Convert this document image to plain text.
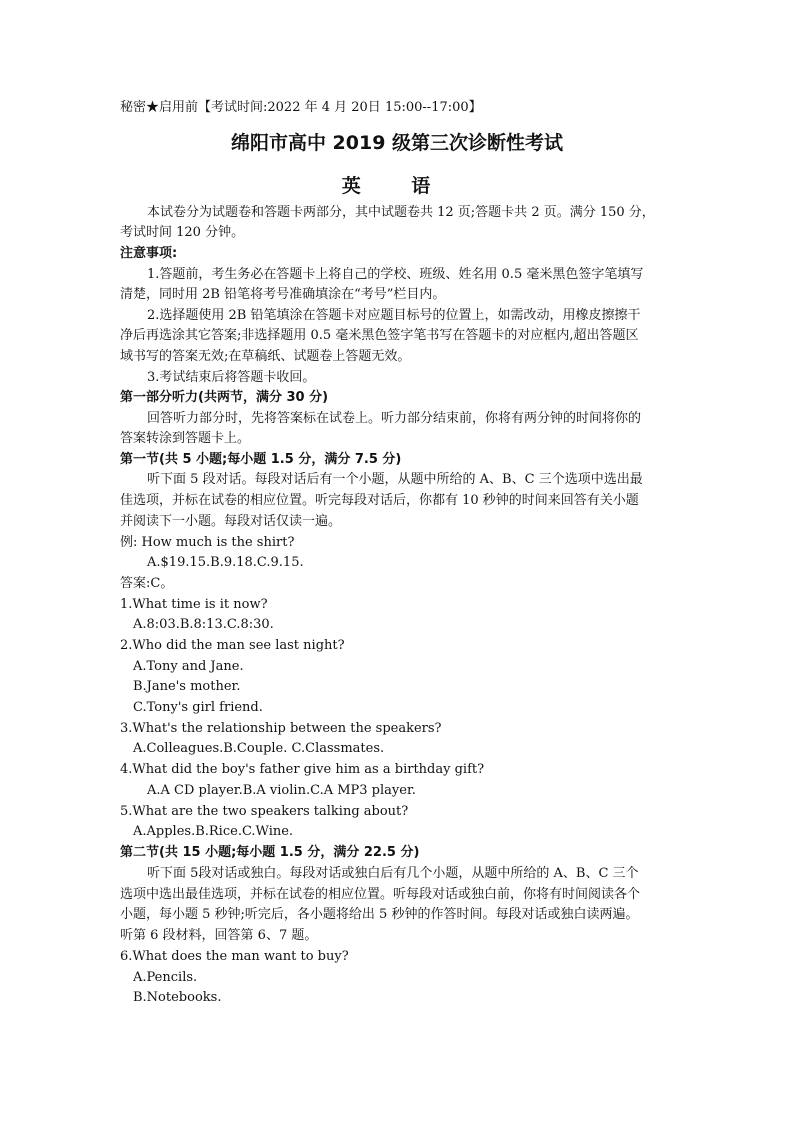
秘密★启用前【考试时间:2022 年 4 月 20日 15:00--17:00】
绵阳市高中 2019 级第三次诊断性考试
英 语
本试卷分为试题卷和答题卡两部分，其中试题卷共 12 页;答题卡共 2 页。满分 150 分，
考试时间 120 分钟。
注意事项:
1.答题前，考生务必在答题卡上将自己的学校、班级、姓名用 0.5 毫米黑色签字笔填写
清楚，同时用 2B 铅笔将考号准确填涂在“考号”栏目内。
2.选择题使用 2B 铅笔填涂在答题卡对应题目标号的位置上，如需改动，用橡皮擦擦干
净后再选涂其它答案;非选择题用 0.5 毫米黑色签字笔书写在答题卡的对应框内,超出答题区
域书写的答案无效;在草稿纸、试题卷上答题无效。
3.考试结束后将答题卡收回。
第一部分听力(共两节，满分 30 分)
回答听力部分时，先将答案标在试卷上。听力部分结束前，你将有两分钟的时间将你的
答案转涂到答题卡上。
第一节(共 5 小题;每小题 1.5 分，满分 7.5 分)
听下面 5 段对话。每段对话后有一个小题，从题中所给的 A、B、C 三个选项中选出最
佳选项，并标在试卷的相应位置。听完每段对话后，你都有 10 秒钟的时间来回答有关小题
并阅读下一小题。每段对话仅读一遍。
例: How much is the shirt?
A.$19.15.B.9.18.C.9.15.
答案:C。
1.What time is it now?
A.8:03.B.8:13.C.8:30.
2.Who did the man see last night?
A.Tony and Jane.
B.Jane's mother.
C.Tony's girl friend.
3.What's the relationship between the speakers?
A.Colleagues.B.Couple. C.Classmates.
4.What did the boy's father give him as a birthday gift?
A.A CD player.B.A violin.C.A MP3 player.
5.What are the two speakers talking about?
A.Apples.B.Rice.C.Wine.
第二节(共 15 小题;每小题 1.5 分，满分 22.5 分)
听下面 5段对话或独白。每段对话或独白后有几个小题，从题中所给的 A、B、C 三个
选项中选出最佳选项，并标在试卷的相应位置。听每段对话或独白前，你将有时间阅读各个
小题，每小题 5 秒钟;听完后，各小题将给出 5 秒钟的作答时间。每段对话或独白读两遍。
听第 6 段材料，回答第 6、7 题。
6.What does the man want to buy?
A.Pencils.
B.Notebooks.
